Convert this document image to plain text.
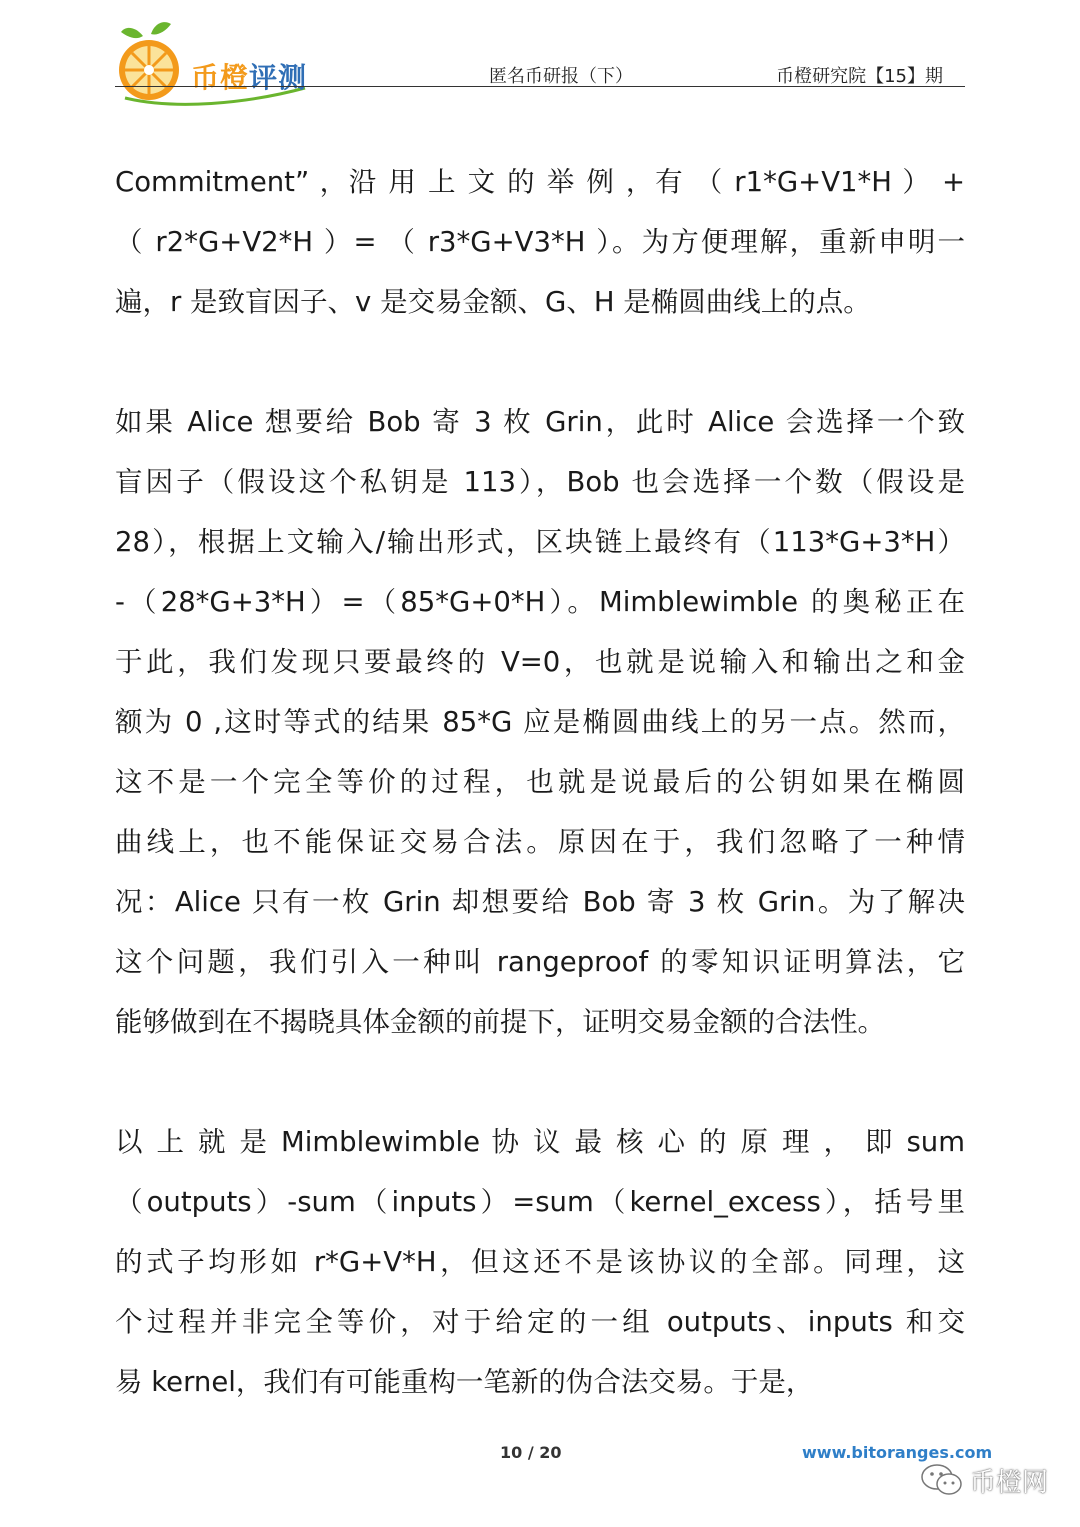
币橙评测	匿名币研报（下）	币橙研究院【15】期
Commitment” ，沿 用 上 文 的 举 例 ，有 （ r1*G+V1*H ） +
（ r2*G+V2*H ）= （ r3*G+V3*H ）。为方便理解，重新申明一
遍，r 是致盲因子、v 是交易金额、G、H 是椭圆曲线上的点。
如果 Alice 想要给 Bob 寄 3 枚 Grin，此时 Alice 会选择一个致
盲因子（假设这个私钥是 113），Bob 也会选择一个数（假设是
28），根据上文输入/输出形式，区块链上最终有（113*G+3*H）
-（28*G+3*H）=（85*G+0*H）。Mimblewimble 的奥秘正在
于此，我们发现只要最终的 V=0，也就是说输入和输出之和金
额为 0 ,这时等式的结果 85*G 应是椭圆曲线上的另一点。然而，
这不是一个完全等价的过程，也就是说最后的公钥如果在椭圆
曲线上，也不能保证交易合法。原因在于，我们忽略了一种情
况：Alice 只有一枚 Grin 却想要给 Bob 寄 3 枚 Grin。为了解决
这个问题，我们引入一种叫 rangeproof 的零知识证明算法，它
能够做到在不揭晓具体金额的前提下，证明交易金额的合法性。
以 上 就 是 Mimblewimble 协 议 最 核 心 的 原 理 ， 即 sum
（outputs）-sum（inputs）=sum（kernel_excess），括号里
的式子均形如 r*G+V*H，但这还不是该协议的全部。同理，这
个过程并非完全等价，对于给定的一组 outputs、inputs 和交
易 kernel，我们有可能重构一笔新的伪合法交易。于是，
10 / 20	www.bitoranges.com
币橙网
